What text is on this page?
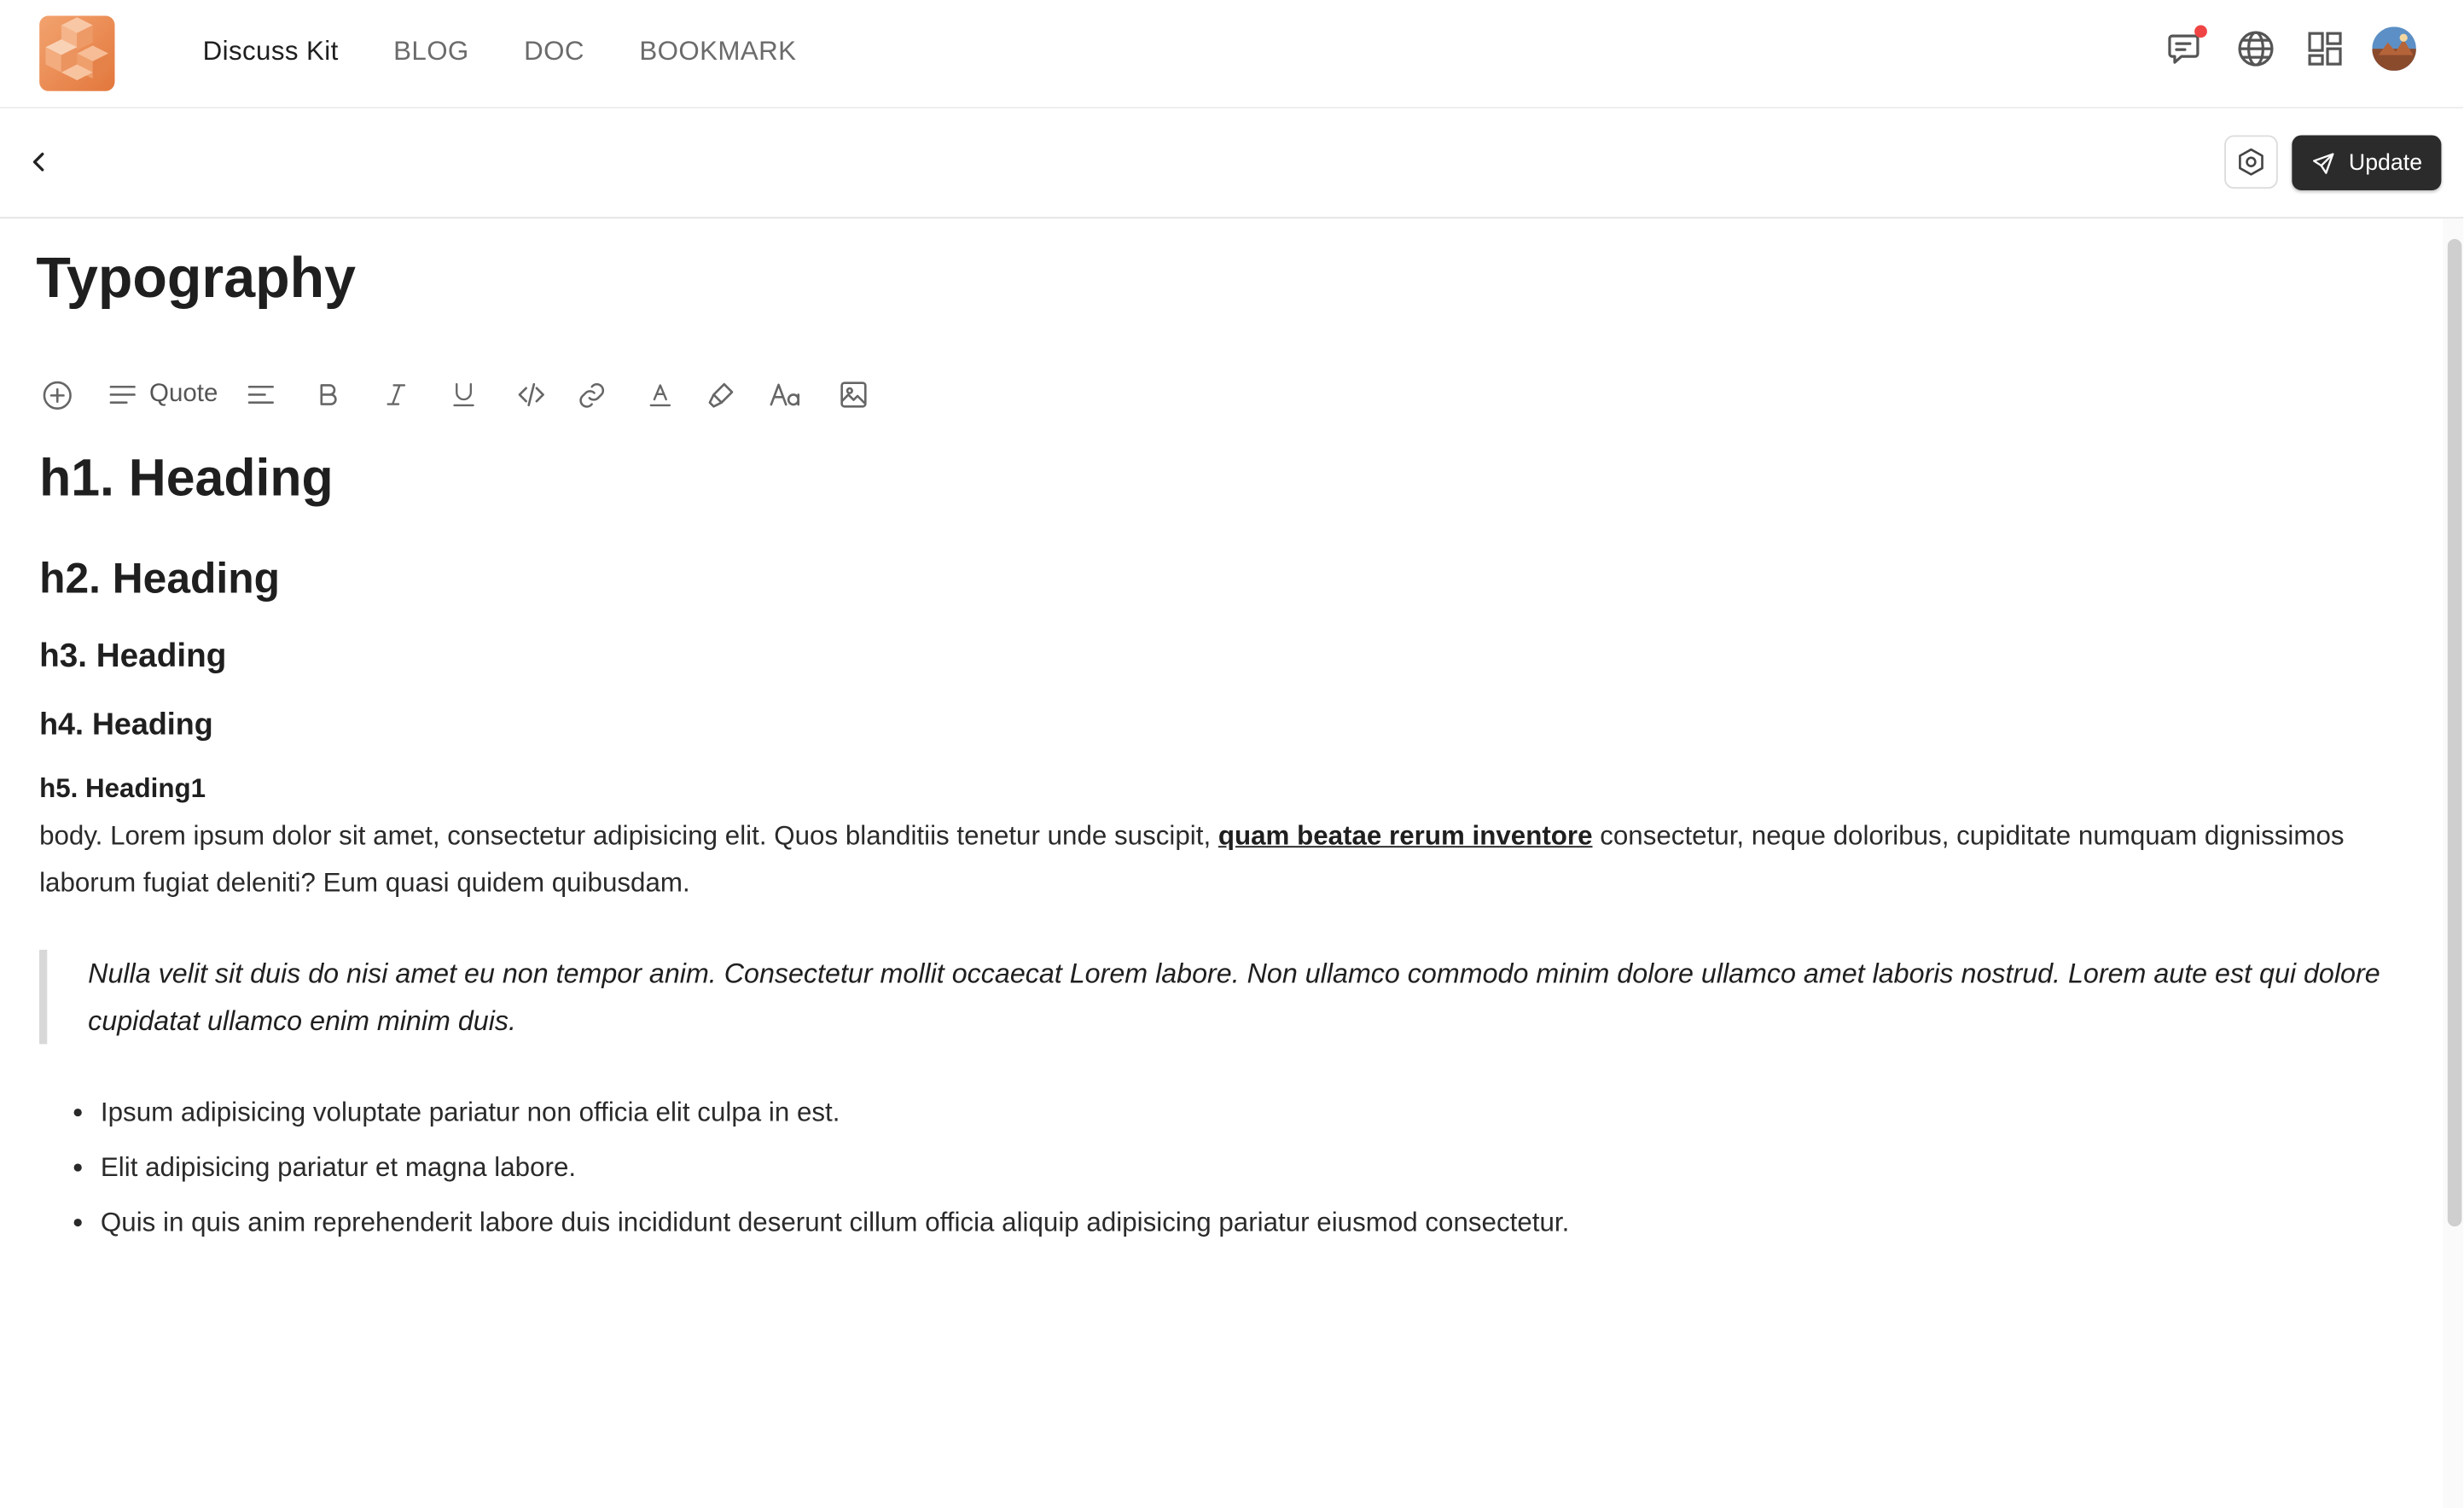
Discuss Kit	BLOG	DOC	BOOKMARK
Update
Typography
Quote
h1. Heading
h2. Heading
h3. Heading
h4. Heading
h5. Heading1

body. Lorem ipsum dolor sit amet, consectetur adipisicing elit. Quos blanditiis tenetur unde suscipit, quam beatae rerum inventore consectetur, neque doloribus, cupiditate numquam dignissimos laborum fugiat deleniti? Eum quasi quidem quibusdam.

Nulla velit sit duis do nisi amet eu non tempor anim. Consectetur mollit occaecat Lorem labore. Non ullamco commodo minim dolore ullamco amet laboris nostrud. Lorem aute est qui dolore cupidatat ullamco enim minim duis.
• Ipsum adipisicing voluptate pariatur non officia elit culpa in est.
• Elit adipisicing pariatur et magna labore.
• Quis in quis anim reprehenderit labore duis incididunt deserunt cillum officia aliquip adipisicing pariatur eiusmod consectetur.
